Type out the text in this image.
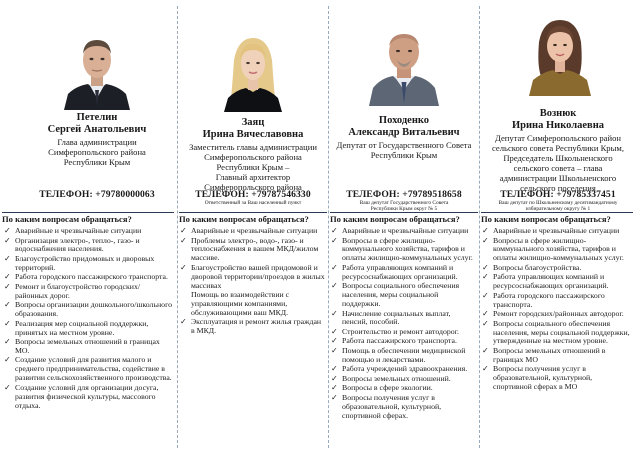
Петелин
Сергей Анатольевич
Глава администрации
Симферопольского района
Республики Крым
ТЕЛЕФОН: +79780000063
По каким вопросам обращаться?
✓ Аварийные и чрезвычайные ситуации
✓ Организация электро-, тепло-, газо- и водоснабжения населения.
✓ Благоустройство придомовых и дворовых территорий.
✓ Работа городского пассажирского транспорта.
✓ Ремонт и благоустройство городских/районных дорог.
✓ Вопросы организации дошкольного/школьного образования.
✓ Реализация мер социальной поддержки, принятых на местном уровне.
✓ Вопросы земельных отношений в границах МО.
✓ Создание условий для развития малого и среднего предпринимательства, содействие в развитии сельскохозяйственного производства.
✓ Создание условий для организации досуга, развития физической культуры, массового отдыха.
Заяц
Ирина Вячеславовна
Заместитель главы администрации
Симферопольского района
Республики Крым –
Главный архитектор
Симферопольского района
ТЕЛЕФОН: +79787546330
Ответственный за Ваш населенный пункт
По каким вопросам обращаться?
✓ Аварийные и чрезвычайные ситуации
✓ Проблемы электро-, водо-, газо- и теплоснабжения в вашем МКД/жилом массиве.
✓ Благоустройство вашей придомовой и дворовой территории/проездов в жилых массивах
Помощь во взаимодействии с управляющими компаниями, обслуживающими ваш МКД.
✓ Эксплуатация и ремонт жилья граждан в МКД.
Походенко
Александр Витальевич
Депутат от Государственного Совета
Республики Крым
ТЕЛЕФОН: +79789518658
Ваш депутат Государственного Совета
Республики Крым округ № 5
По каким вопросам обращаться?
✓ Аварийные и чрезвычайные ситуации
✓ Вопросы в сфере жилищно-коммунального хозяйства, тарифов и оплаты жилищно-коммунальных услуг.
✓ Работа управляющих компаний и ресурсоснабжающих организаций.
✓ Вопросы социального обеспечения населения, меры социальной поддержки.
✓ Начисление социальных выплат, пенсий, пособий.
✓ Строительство и ремонт автодорог.
✓ Работа пассажирского транспорта.
✓ Помощь в обеспечении медицинской помощью и лекарствами.
✓ Работа учреждений здравоохранения.
✓ Вопросы земельных отношений.
✓ Вопросы в сфере экологии.
✓ Вопросы получения услуг в образовательной, культурной, спортивной сферах.
Вознюк
Ирина Николаевна
Депутат Симферопольского район
сельского совета Республики Крым,
Председатель Школьненского
сельского совета – глава
администрации Школьненского
сельского поселения
ТЕЛЕФОН: +79785337451
Ваш депутат по Школьненскому десятимандатному
избирательному округу № 1
По каким вопросам обращаться?
✓ Аварийные и чрезвычайные ситуации
✓ Вопросы в сфере жилищно-коммунального хозяйства, тарифов и оплаты жилищно-коммунальных услуг.
✓ Вопросы благоустройства.
✓ Работа управляющих компаний и ресурсоснабжающих организаций.
✓ Работа городского пассажирского транспорта.
✓ Ремонт городских/районных автодорог.
✓ Вопросы социального обеспечения населения, меры социальной поддержки, утвержденные на местном уровне.
✓ Вопросы земельных отношений в границах МО
✓ Вопросы получения услуг в образовательной, культурной, спортивной сферах в МО
